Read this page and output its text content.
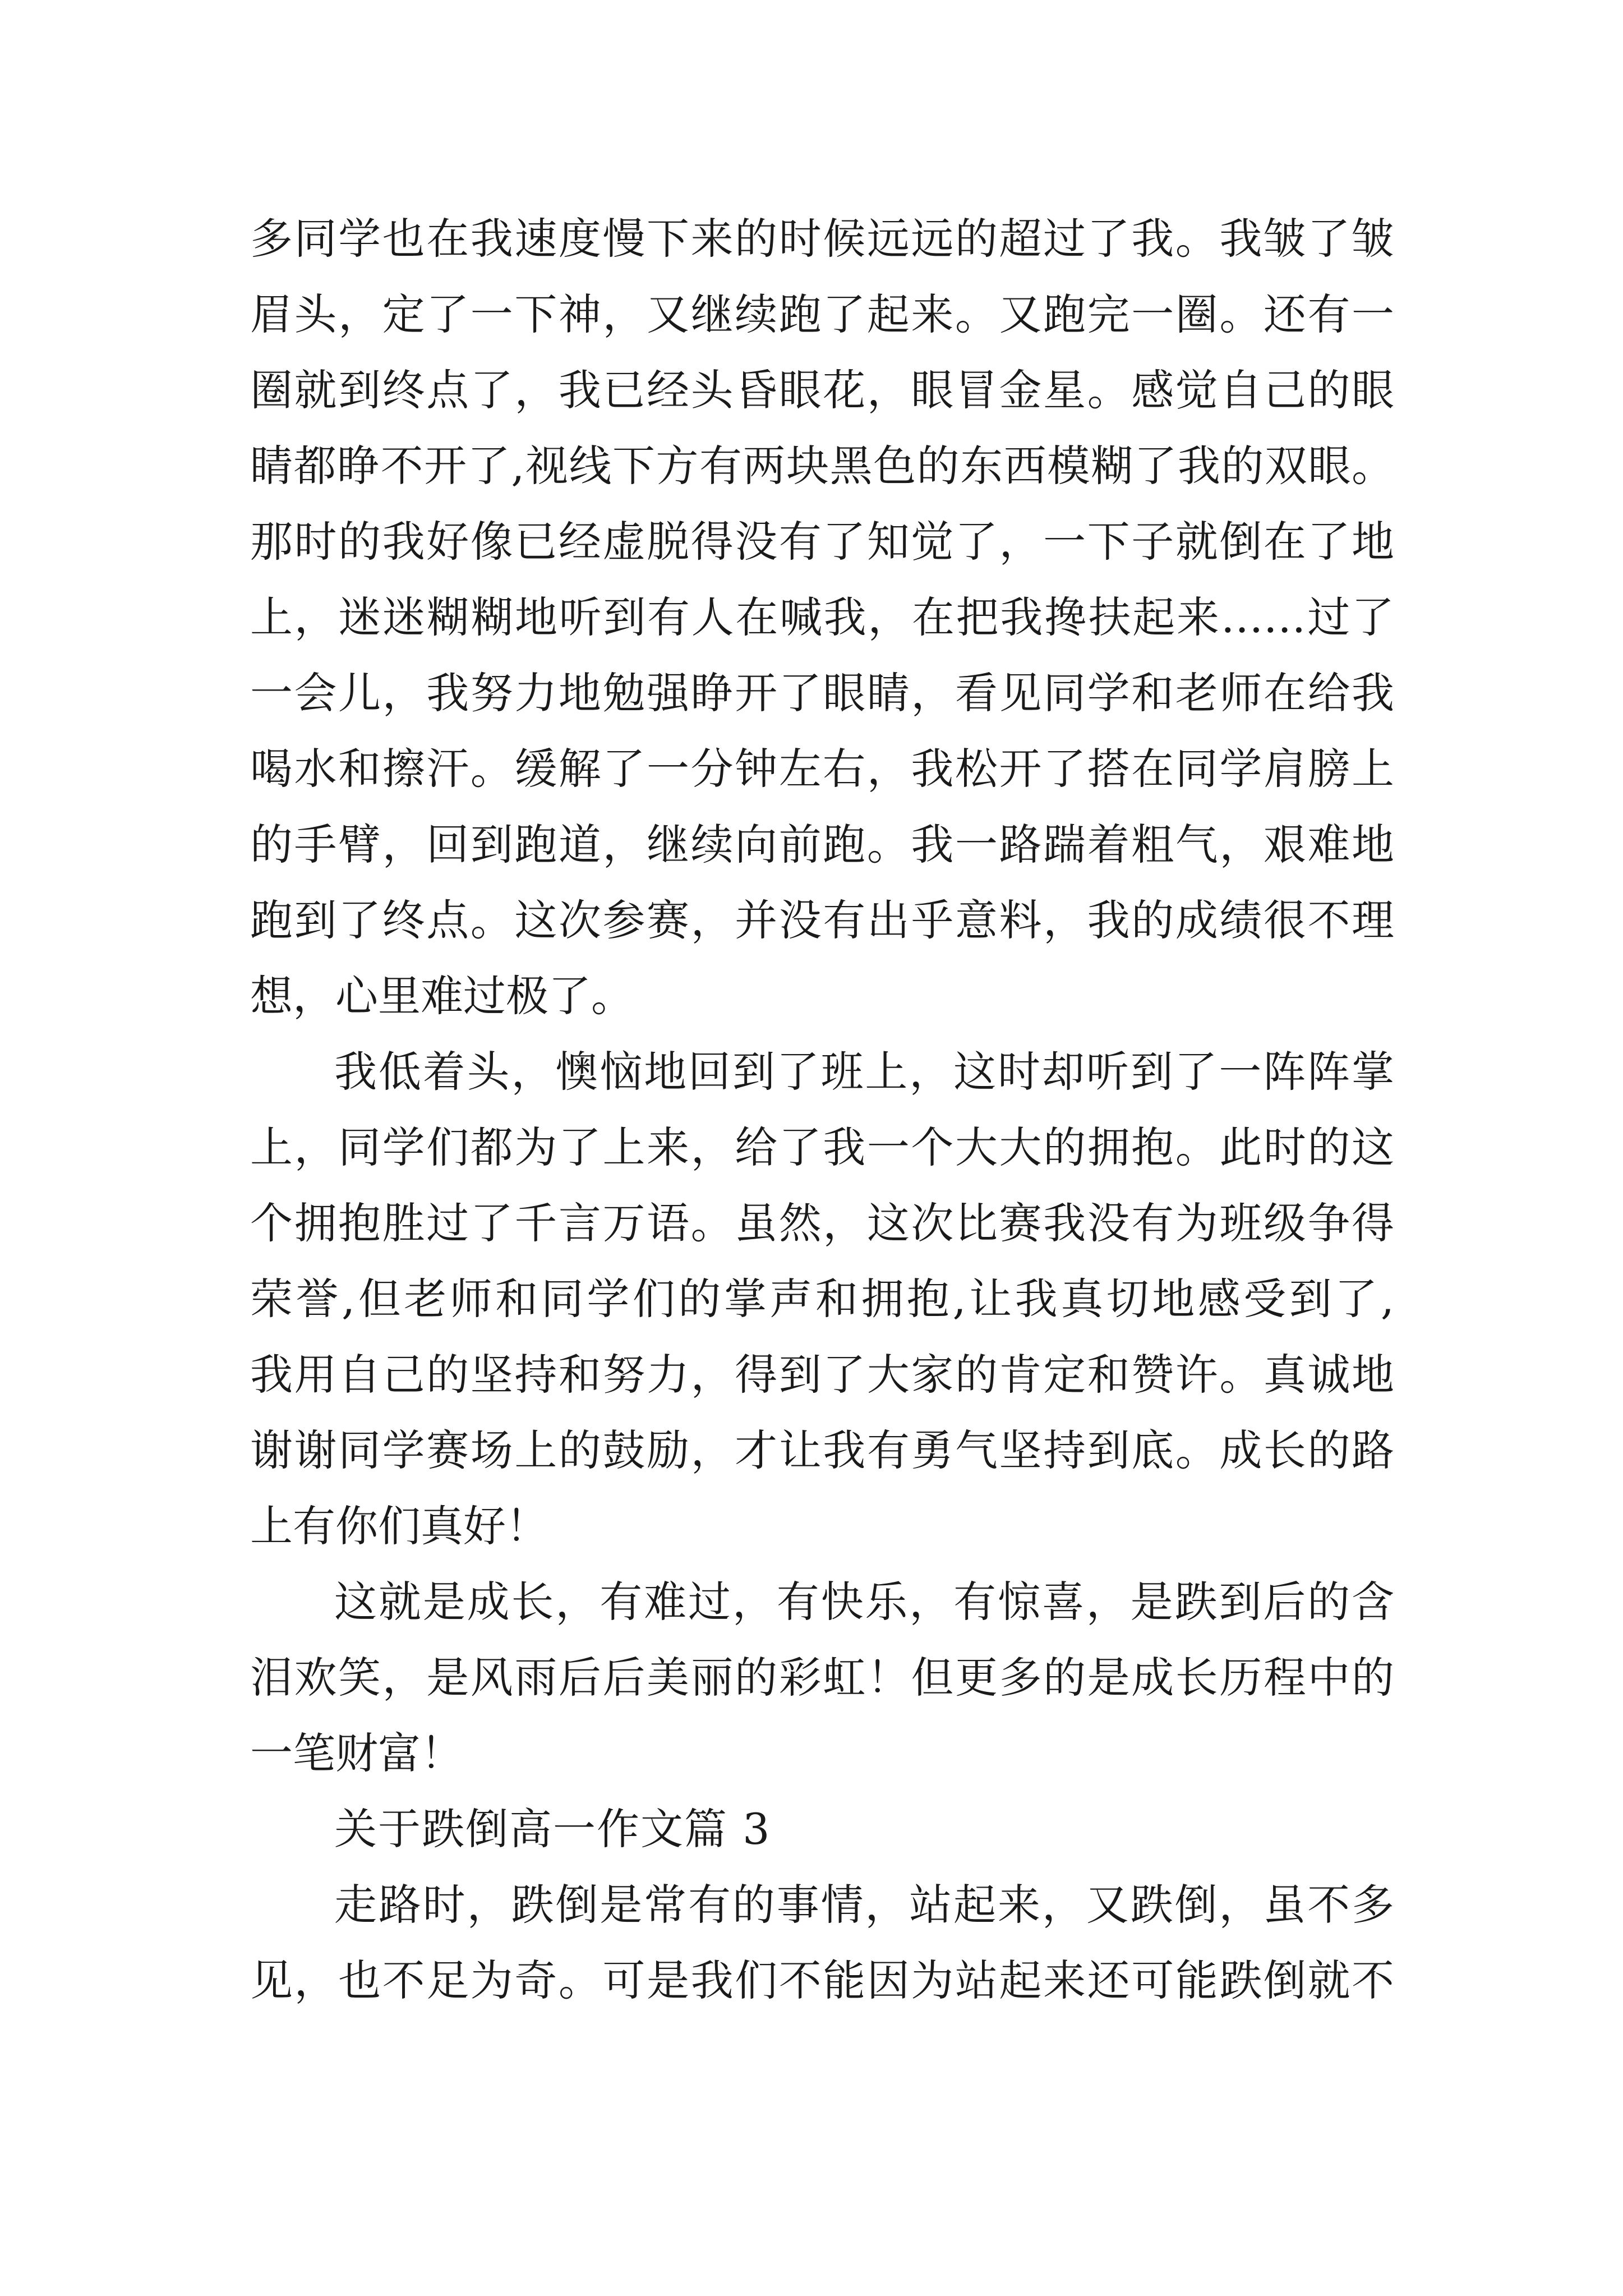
多同学也在我速度慢下来的时候远远的超过了我。我皱了皱
眉头，定了一下神，又继续跑了起来。又跑完一圈。还有一
圈就到终点了，我已经头昏眼花，眼冒金星。感觉自己的眼
睛都睁不开了,视线下方有两块黑色的东西模糊了我的双眼。
那时的我好像已经虚脱得没有了知觉了，一下子就倒在了地
上，迷迷糊糊地听到有人在喊我，在把我搀扶起来……过了
一会儿，我努力地勉强睁开了眼睛，看见同学和老师在给我
喝水和擦汗。缓解了一分钟左右，我松开了搭在同学肩膀上
的手臂，回到跑道，继续向前跑。我一路踹着粗气，艰难地
跑到了终点。这次参赛，并没有出乎意料，我的成绩很不理
想，心里难过极了。
我低着头，懊恼地回到了班上，这时却听到了一阵阵掌
上，同学们都为了上来，给了我一个大大的拥抱。此时的这
个拥抱胜过了千言万语。虽然，这次比赛我没有为班级争得
荣誉,但老师和同学们的掌声和拥抱,让我真切地感受到了,
我用自己的坚持和努力，得到了大家的肯定和赞许。真诚地
谢谢同学赛场上的鼓励，才让我有勇气坚持到底。成长的路
上有你们真好！
这就是成长，有难过，有快乐，有惊喜，是跌到后的含
泪欢笑，是风雨后后美丽的彩虹！但更多的是成长历程中的
一笔财富！
关于跌倒高一作文篇 3
走路时，跌倒是常有的事情，站起来，又跌倒，虽不多
见，也不足为奇。可是我们不能因为站起来还可能跌倒就不
